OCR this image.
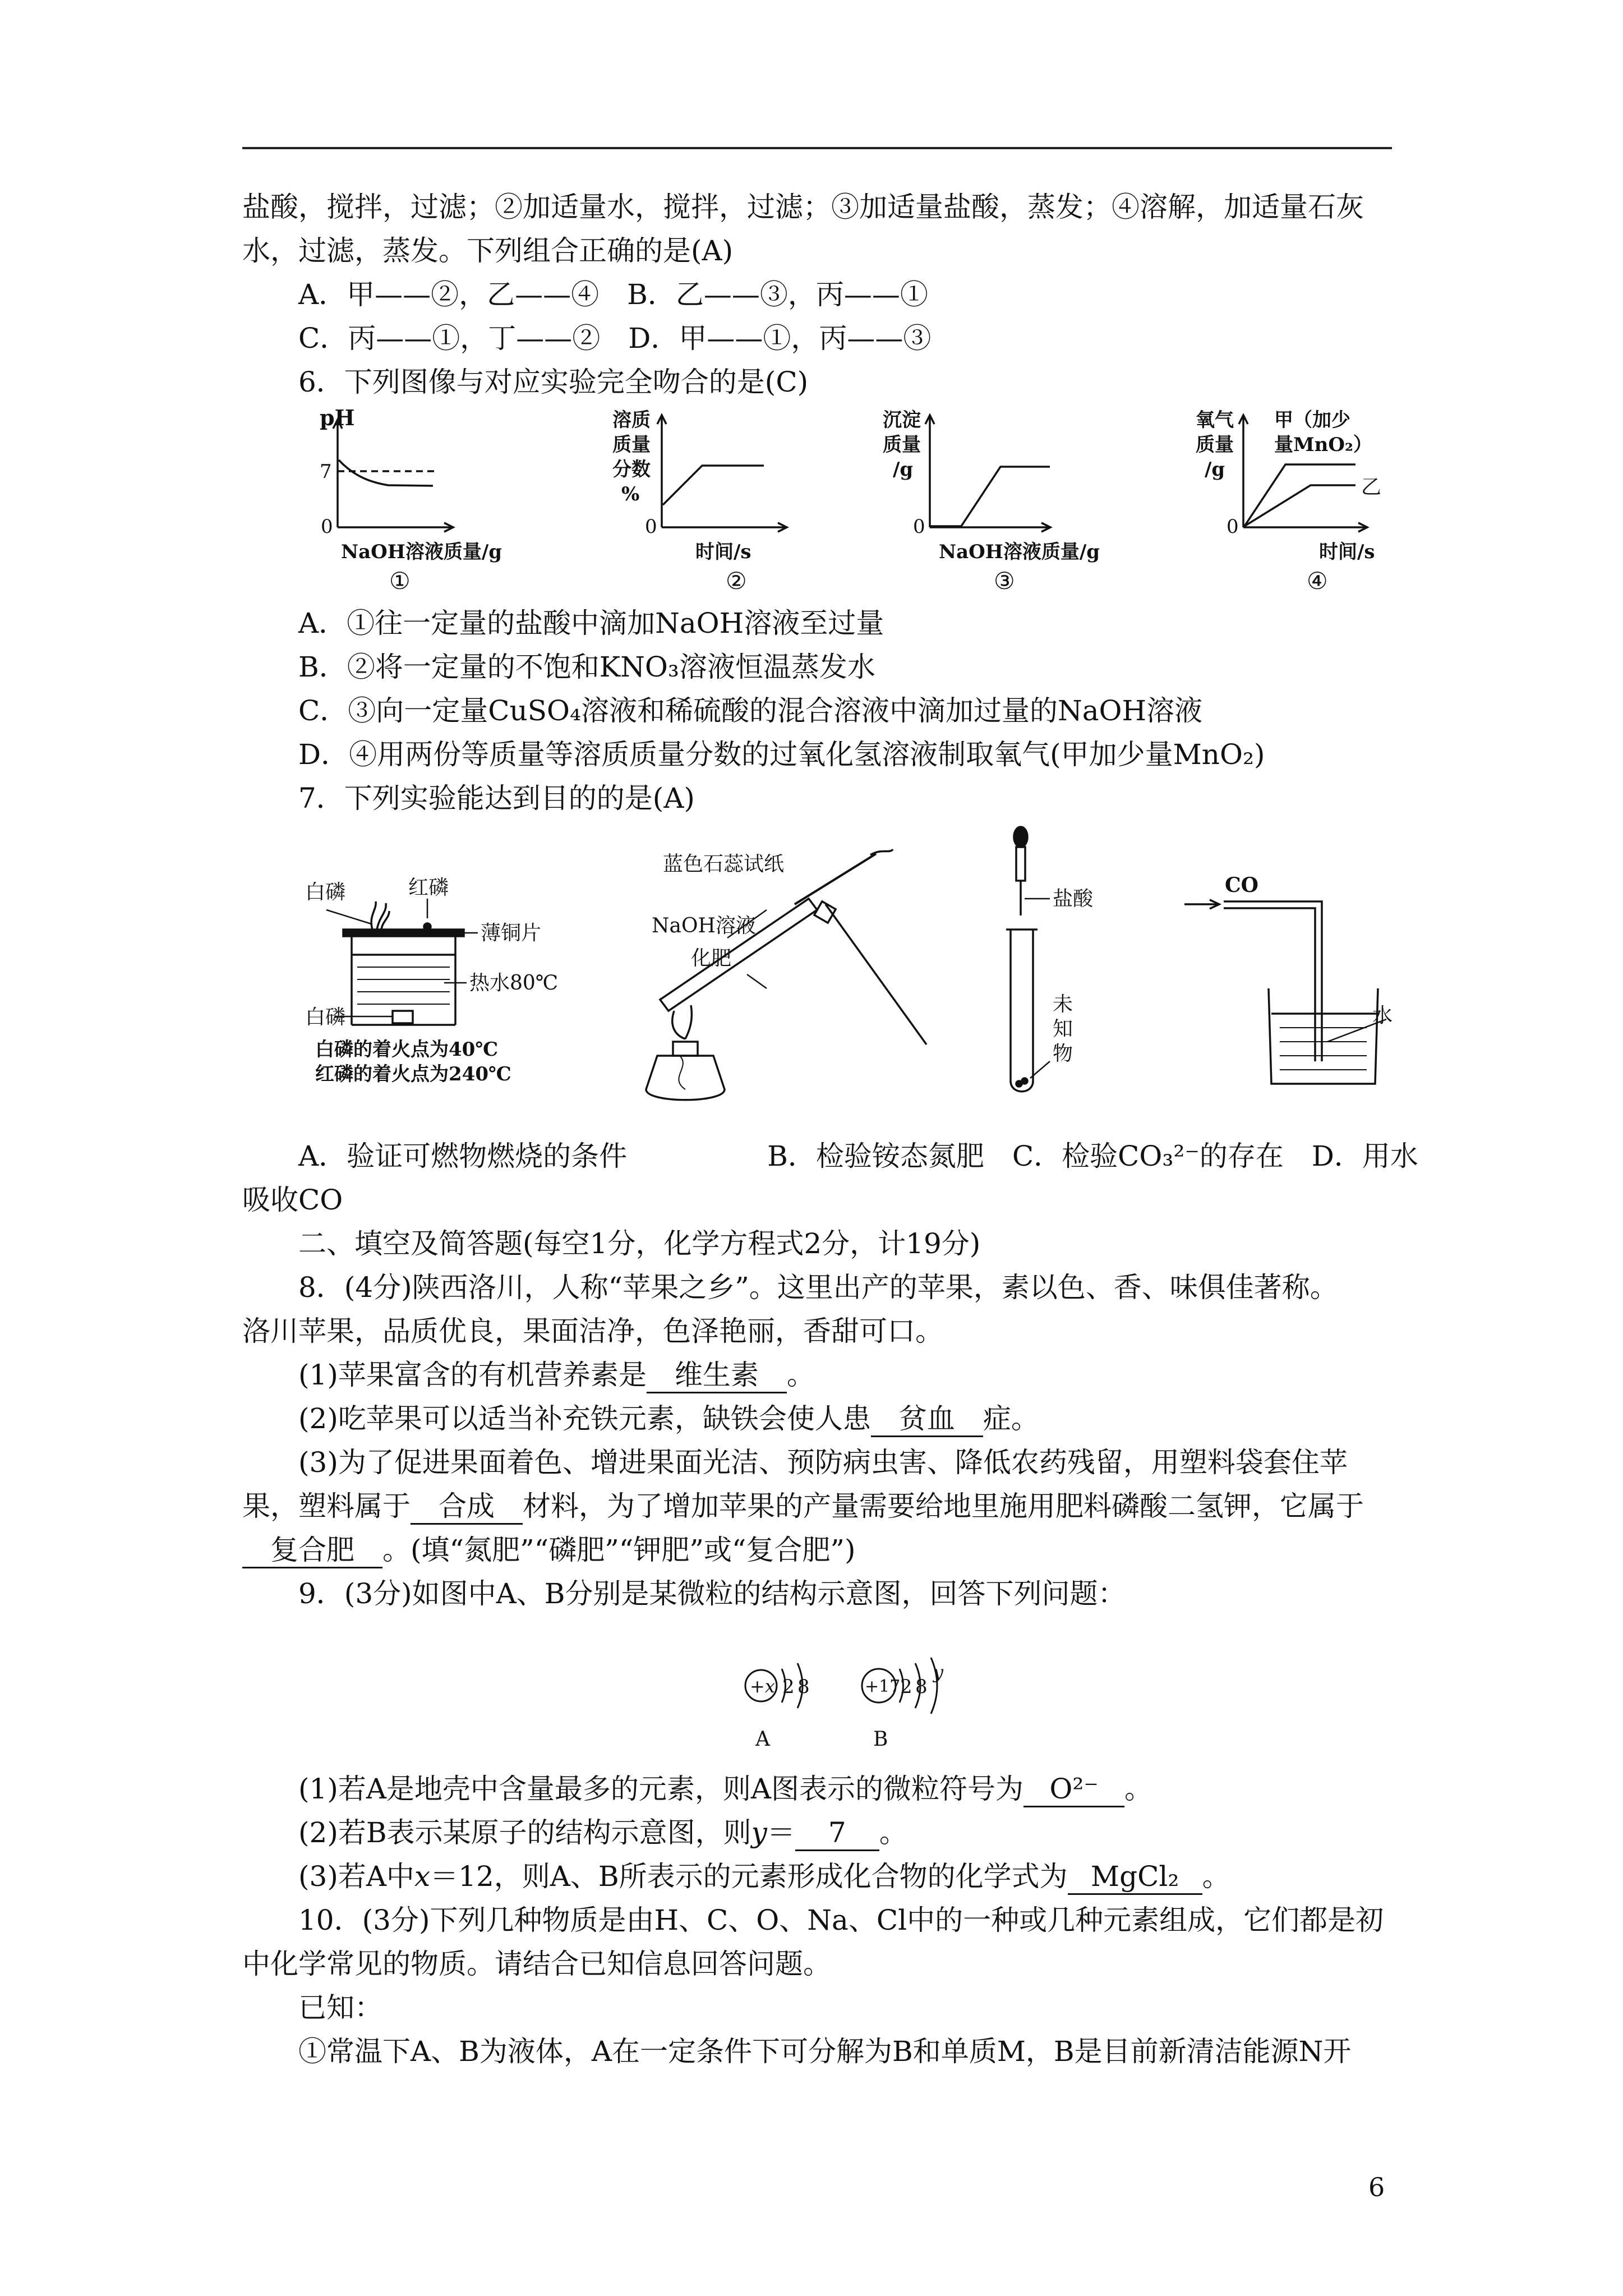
盐酸，搅拌，过滤；②加适量水，搅拌，过滤；③加适量盐酸，蒸发；④溶解，加适量石灰
水，过滤，蒸发。下列组合正确的是(A)
A．甲——②，乙——④　B．乙——③，丙——①
C．丙——①，丁——②　D．甲——①，丙——③
6．下列图像与对应实验完全吻合的是(C)
pH
7
0
NaOH溶液质量/g
①
溶质
质量
分数
%
0
时间/s
②
沉淀
质量
/g
0
NaOH溶液质量/g
③
氧气
质量
/g
甲（加少
量MnO₂）
乙
0
时间/s
④
A．①往一定量的盐酸中滴加NaOH溶液至过量
B．②将一定量的不饱和KNO₃溶液恒温蒸发水
C．③向一定量CuSO₄溶液和稀硫酸的混合溶液中滴加过量的NaOH溶液
D．④用两份等质量等溶质质量分数的过氧化氢溶液制取氧气(甲加少量MnO₂)
7．下列实验能达到目的的是(A)
白磷	红磷
薄铜片
热水80℃
白磷
白磷的着火点为40℃
红磷的着火点为240℃
蓝色石蕊试纸
NaOH溶液
化肥
盐酸
未
知
物
CO
水
A．验证可燃物燃烧的条件　　　　　B．检验铵态氮肥　C．检验CO₃²⁻的存在　D．用水
吸收CO
二、填空及简答题(每空1分，化学方程式2分，计19分)
8．(4分)陕西洛川，人称“苹果之乡”。这里出产的苹果，素以色、香、味俱佳著称。
洛川苹果，品质优良，果面洁净，色泽艳丽，香甜可口。
(1)苹果富含的有机营养素是 维生素 。
(2)吃苹果可以适当补充铁元素，缺铁会使人患 贫血 症。
(3)为了促进果面着色、增进果面光洁、预防病虫害、降低农药残留，用塑料袋套住苹
果，塑料属于 合成 材料，为了增加苹果的产量需要给地里施用肥料磷酸二氢钾，它属于
复合肥 。(填“氮肥”“磷肥”“钾肥”或“复合肥”)
9．(3分)如图中A、B分别是某微粒的结构示意图，回答下列问题：
+x 2 8
A
+17 2 8
y
B
(1)若A是地壳中含量最多的元素，则A图表示的微粒符号为 O²⁻ 。
(2)若B表示某原子的结构示意图，则y＝ 7 。
(3)若A中x＝12，则A、B所表示的元素形成化合物的化学式为 MgCl₂ 。
10．(3分)下列几种物质是由H、C、O、Na、Cl中的一种或几种元素组成，它们都是初
中化学常见的物质。请结合已知信息回答问题。
已知：
①常温下A、B为液体，A在一定条件下可分解为B和单质M，B是目前新清洁能源N开
6
